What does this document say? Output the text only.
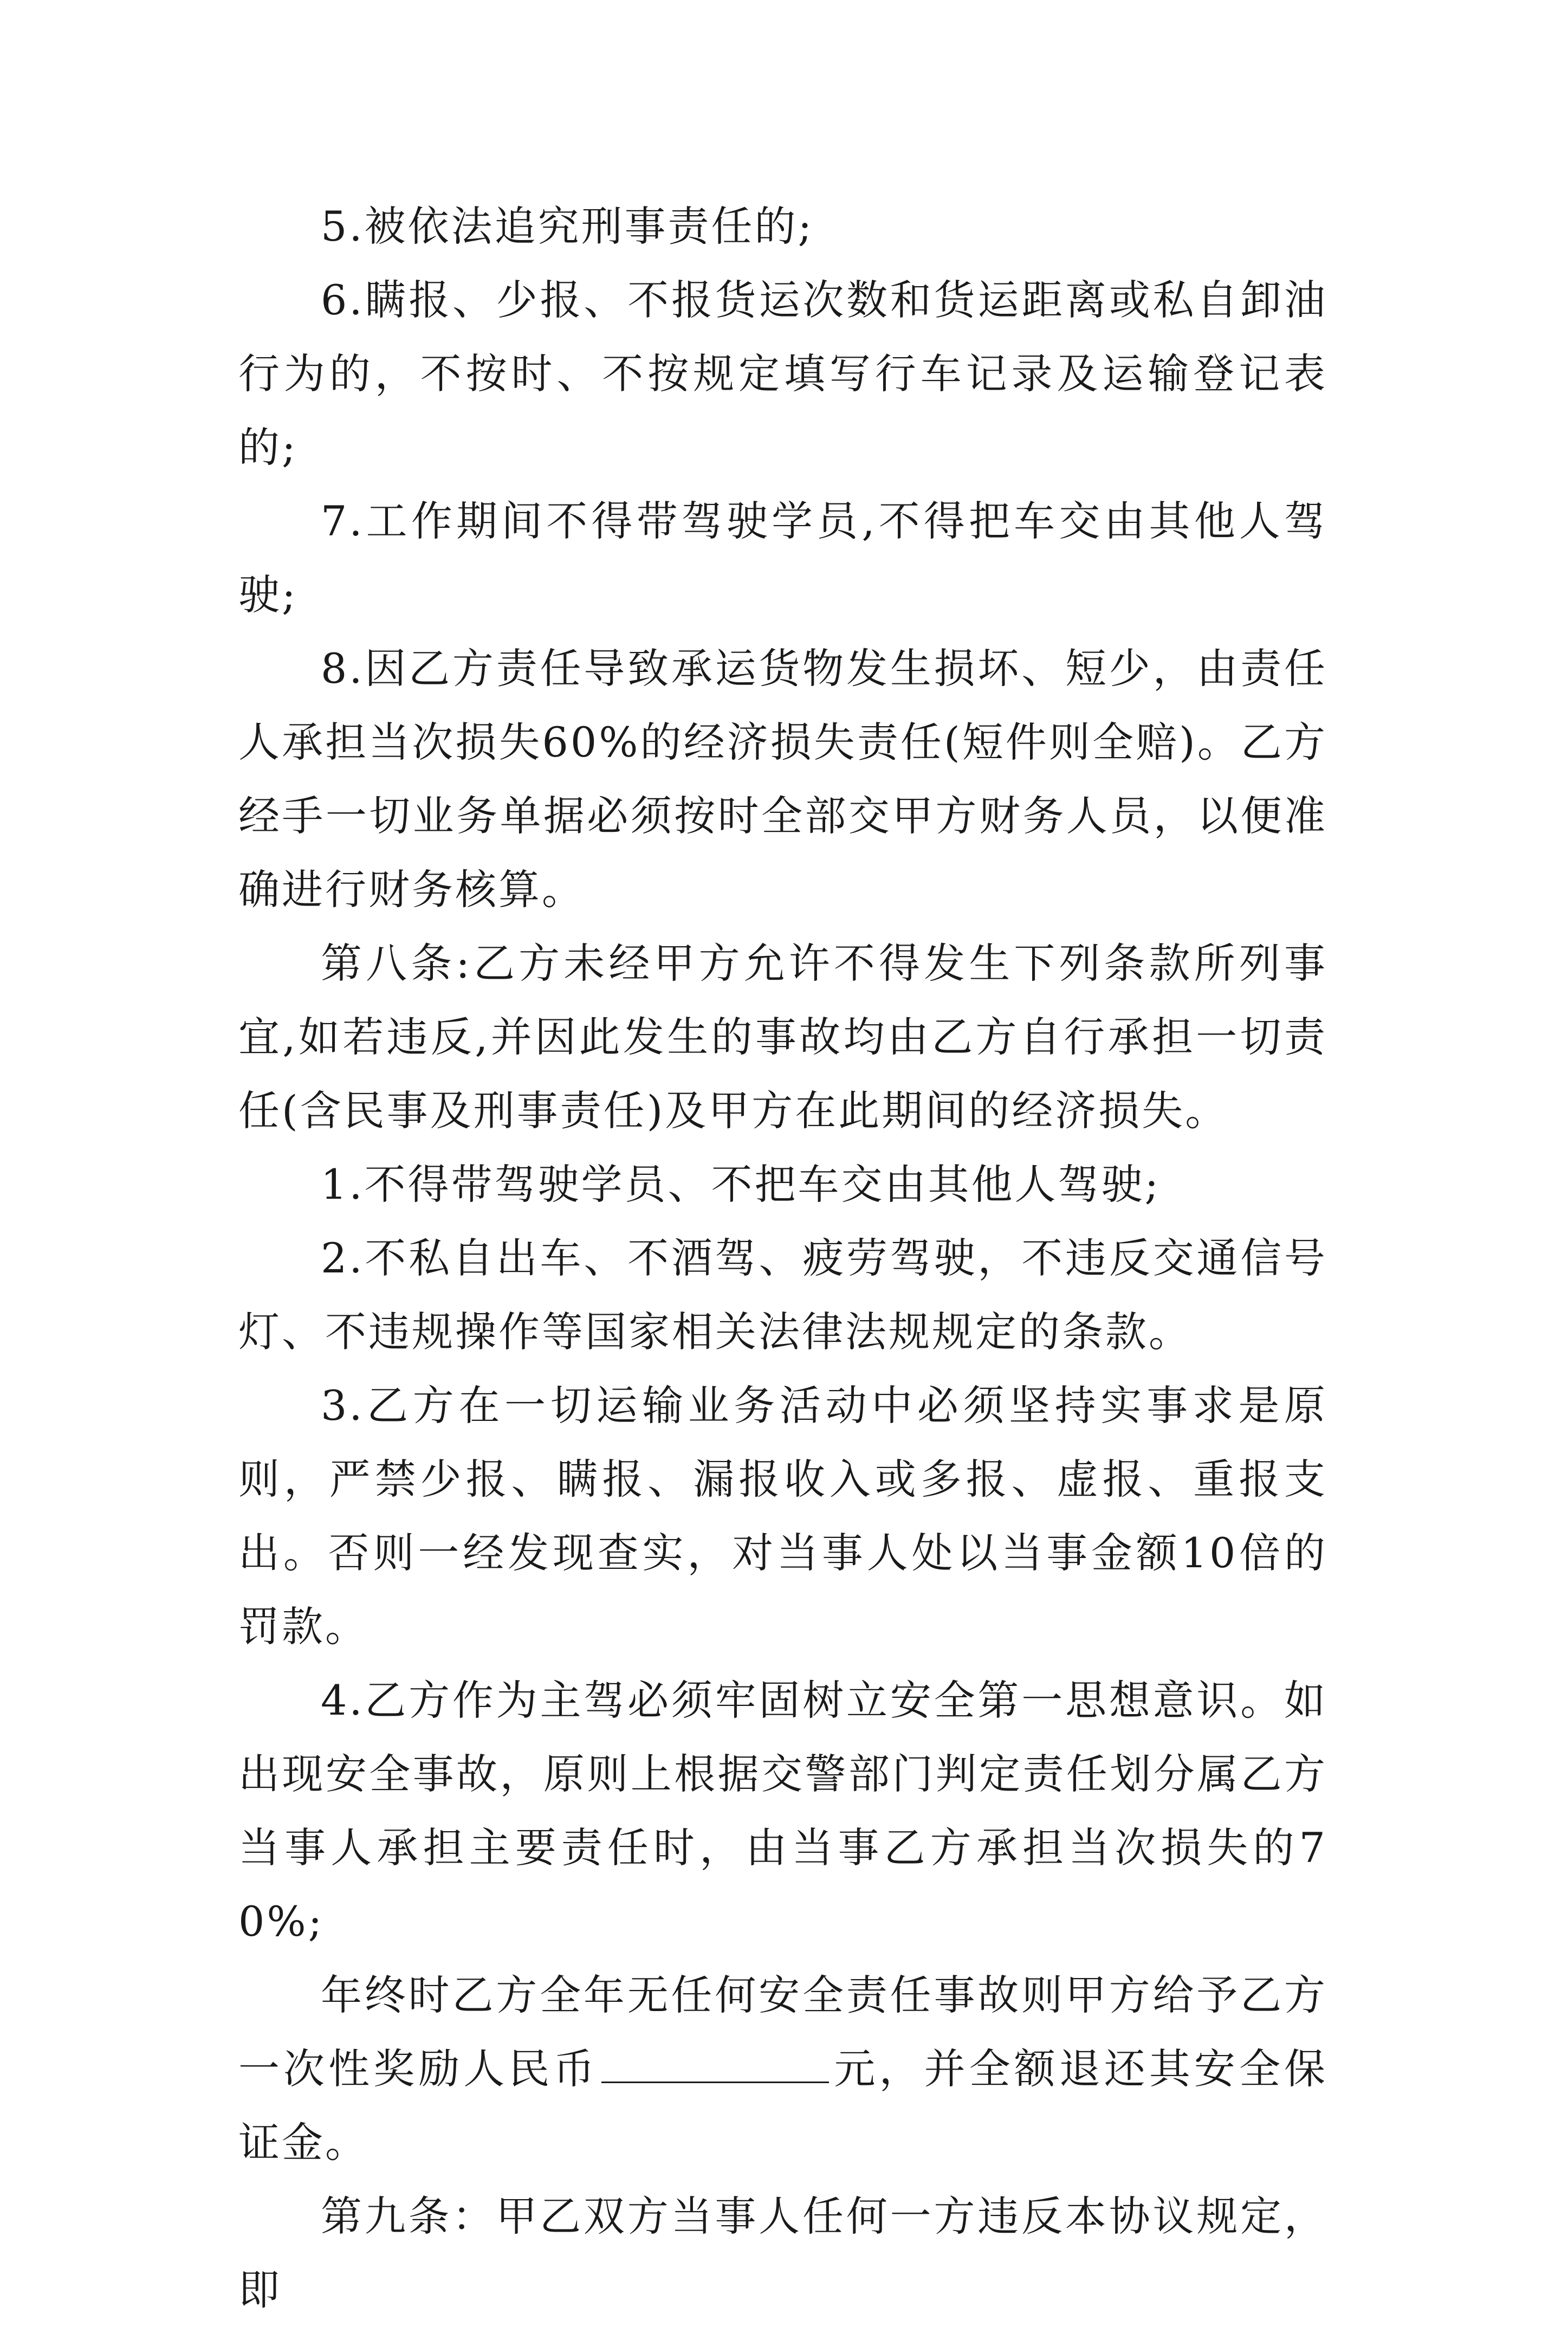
5.被依法追究刑事责任的;

6.瞒报、少报、不报货运次数和货运距离或私自卸油行为的，不按时、不按规定填写行车记录及运输登记表的;

7.工作期间不得带驾驶学员,不得把车交由其他人驾驶;

8.因乙方责任导致承运货物发生损坏、短少，由责任人承担当次损失60%的经济损失责任(短件则全赔)。乙方经手一切业务单据必须按时全部交甲方财务人员，以便准确进行财务核算。

第八条:乙方未经甲方允许不得发生下列条款所列事宜,如若违反,并因此发生的事故均由乙方自行承担一切责任(含民事及刑事责任)及甲方在此期间的经济损失。

1.不得带驾驶学员、不把车交由其他人驾驶;

2.不私自出车、不酒驾、疲劳驾驶，不违反交通信号灯、不违规操作等国家相关法律法规规定的条款。

3.乙方在一切运输业务活动中必须坚持实事求是原则，严禁少报、瞒报、漏报收入或多报、虚报、重报支出。否则一经发现查实，对当事人处以当事金额10倍的罚款。

4.乙方作为主驾必须牢固树立安全第一思想意识。如出现安全事故，原则上根据交警部门判定责任划分属乙方当事人承担主要责任时，由当事乙方承担当次损失的70%;

年终时乙方全年无任何安全责任事故则甲方给予乙方一次性奖励人民币	元，并全额退还其安全保证金。

第九条：甲乙双方当事人任何一方违反本协议规定，即
